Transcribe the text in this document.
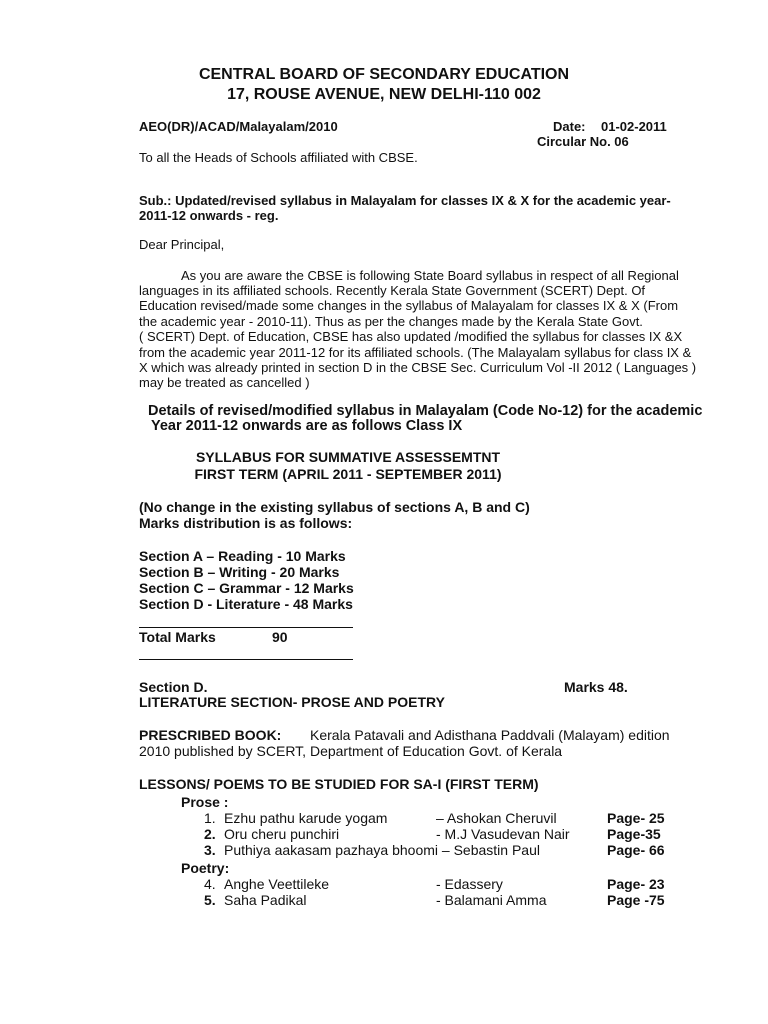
CENTRAL BOARD OF SECONDARY EDUCATION
17, ROUSE AVENUE, NEW DELHI-110 002
AEO(DR)/ACAD/Malayalam/2010	Date: 01-02-2011
Circular No. 06
To all the Heads of Schools affiliated with CBSE.
Sub.: Updated/revised syllabus in Malayalam for classes IX & X for the academic year-
2011-12 onwards - reg.
Dear Principal,
As you are aware the CBSE is following State Board syllabus in respect of all Regional
languages in its affiliated schools. Recently Kerala State Government (SCERT) Dept. Of
Education revised/made some changes in the syllabus of Malayalam for classes IX & X (From
the academic year - 2010-11). Thus as per the changes made by the Kerala State Govt.
( SCERT) Dept. of Education, CBSE has also updated /modified the syllabus for classes IX &X
from the academic year 2011-12 for its affiliated schools. (The Malayalam syllabus for class IX &
X which was already printed in section D in the CBSE Sec. Curriculum Vol -II 2012 ( Languages )
may be treated as cancelled )
Details of revised/modified syllabus in Malayalam (Code No-12) for the academic
Year 2011-12 onwards are as follows Class IX
SYLLABUS FOR SUMMATIVE ASSESSEMTNT
FIRST TERM (APRIL 2011 - SEPTEMBER 2011)
(No change in the existing syllabus of sections A, B and C)
Marks distribution is as follows:
Section A – Reading - 10 Marks
Section B – Writing - 20 Marks
Section C – Grammar - 12 Marks
Section D - Literature - 48 Marks
Total Marks	90
Section D.	Marks 48.
LITERATURE SECTION- PROSE AND POETRY
PRESCRIBED BOOK: Kerala Patavali and Adisthana Paddvali (Malayam) edition
2010 published by SCERT, Department of Education Govt. of Kerala
LESSONS/ POEMS TO BE STUDIED FOR SA-I (FIRST TERM)
Prose :
1. Ezhu pathu karude yogam	– Ashokan Cheruvil	Page- 25
2. Oru cheru punchiri	- M.J Vasudevan Nair	Page-35
3. Puthiya aakasam pazhaya bhoomi – Sebastin Paul	Page- 66
Poetry:
4. Anghe Veettileke	- Edassery	Page- 23
5. Saha Padikal	- Balamani Amma	Page -75
